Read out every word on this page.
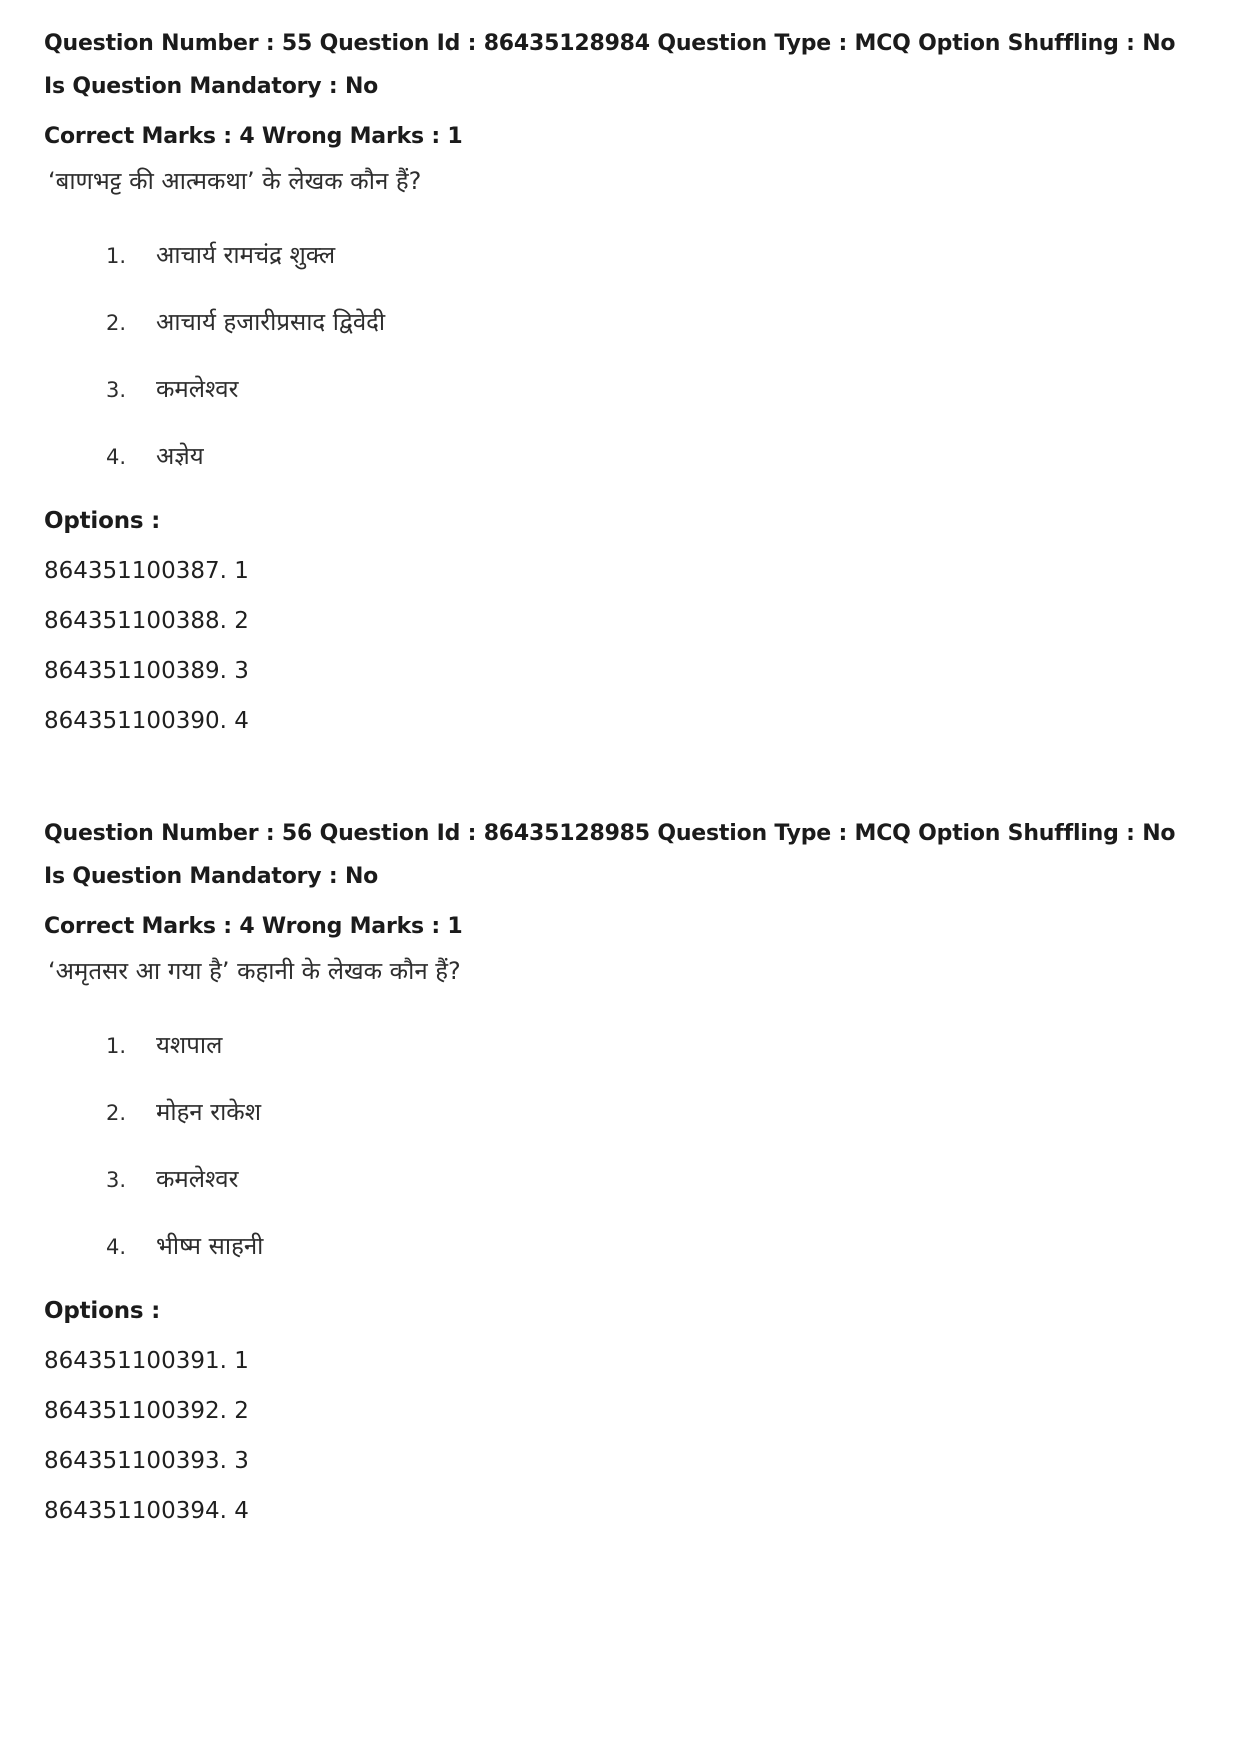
Question Number : 55 Question Id : 86435128984 Question Type : MCQ Option Shuffling : No
Is Question Mandatory : No
Correct Marks : 4 Wrong Marks : 1
‘बाणभट्ट की आत्मकथा’ के लेखक कौन हैं?
1.	आचार्य रामचंद्र शुक्ल
2.	आचार्य हजारीप्रसाद द्विवेदी
3.	कमलेश्वर
4.	अज्ञेय
Options :
864351100387. 1
864351100388. 2
864351100389. 3
864351100390. 4
Question Number : 56 Question Id : 86435128985 Question Type : MCQ Option Shuffling : No
Is Question Mandatory : No
Correct Marks : 4 Wrong Marks : 1
‘अमृतसर आ गया है’ कहानी के लेखक कौन हैं?
1.	यशपाल
2.	मोहन राकेश
3.	कमलेश्वर
4.	भीष्म साहनी
Options :
864351100391. 1
864351100392. 2
864351100393. 3
864351100394. 4
